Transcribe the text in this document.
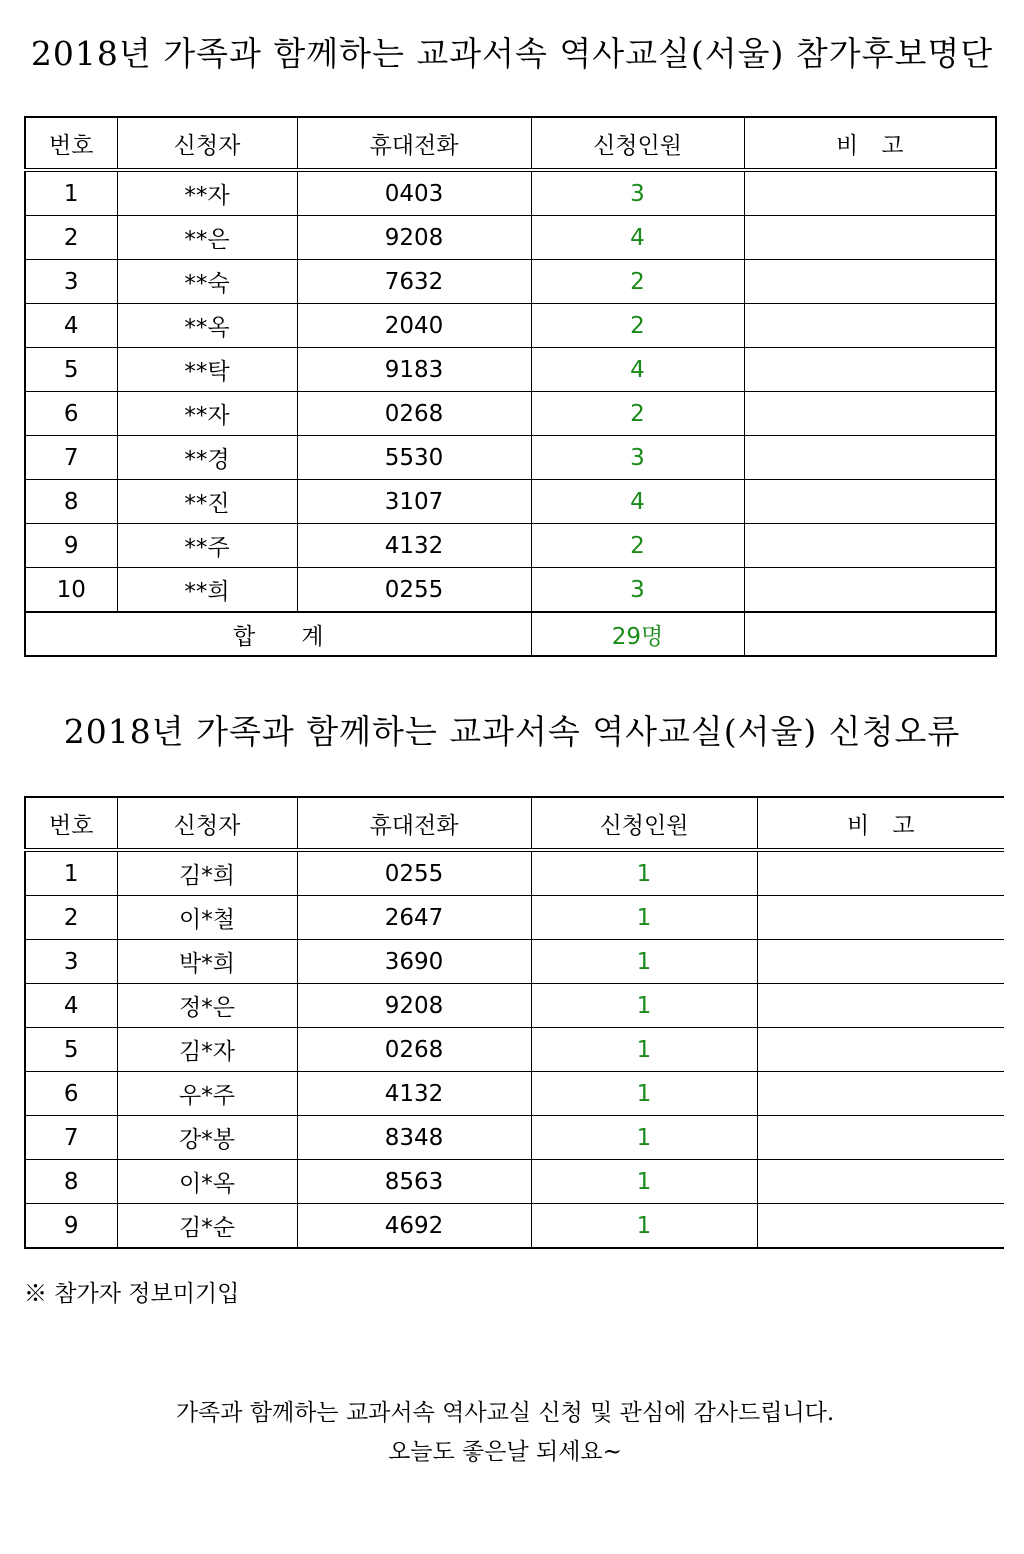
2018년 가족과 함께하는 교과서속 역사교실(서울) 참가후보명단
번호	신청자	휴대전화	신청인원	비　고
1	**자	0403	3	
2	**은	9208	4	
3	**숙	7632	2	
4	**옥	2040	2	
5	**탁	9183	4	
6	**자	0268	2	
7	**경	5530	3	
8	**진	3107	4	
9	**주	4132	2	
10	**희	0255	3	
합　　계			29명	
2018년 가족과 함께하는 교과서속 역사교실(서울) 신청오류
번호	신청자	휴대전화	신청인원	비　고
1	김*희	0255	1	
2	이*철	2647	1	
3	박*희	3690	1	
4	정*은	9208	1	
5	김*자	0268	1	
6	우*주	4132	1	
7	강*봉	8348	1	
8	이*옥	8563	1	
9	김*순	4692	1	
※ 참가자 정보미기입
가족과 함께하는 교과서속 역사교실 신청 및 관심에 감사드립니다.
오늘도 좋은날 되세요~
